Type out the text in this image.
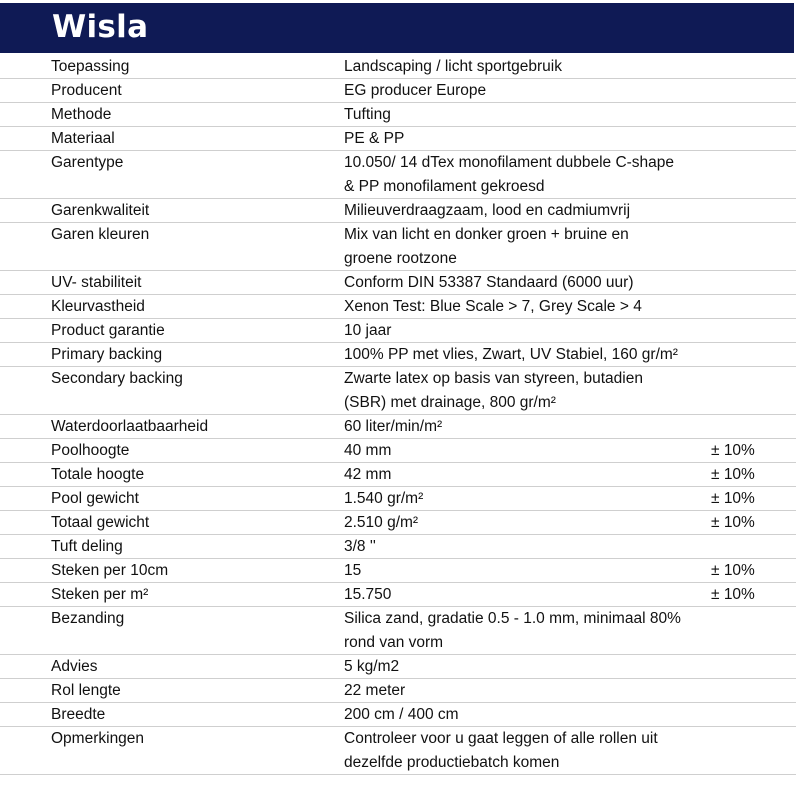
Wisla
Toepassing	Landscaping / licht sportgebruik
Producent	EG producer Europe
Methode	Tufting
Materiaal	PE & PP
Garentype	10.050/ 14 dTex monofilament dubbele C-shape
& PP monofilament gekroesd
Garenkwaliteit	Milieuverdraagzaam, lood en cadmiumvrij
Garen kleuren	Mix van licht en donker groen + bruine en
groene rootzone
UV- stabiliteit	Conform DIN 53387 Standaard (6000 uur)
Kleurvastheid	Xenon Test: Blue Scale > 7, Grey Scale > 4
Product garantie	10 jaar
Primary backing	100% PP met vlies, Zwart, UV Stabiel, 160 gr/m²
Secondary backing	Zwarte latex op basis van styreen, butadien
(SBR) met drainage, 800 gr/m²
Waterdoorlaatbaarheid	60 liter/min/m²
Poolhoogte	40 mm	± 10%
Totale hoogte	42 mm	± 10%
Pool gewicht	1.540 gr/m²	± 10%
Totaal gewicht	2.510 g/m²	± 10%
Tuft deling	3/8 ''
Steken per 10cm	15	± 10%
Steken per m²	15.750	± 10%
Bezanding	Silica zand, gradatie 0.5 - 1.0 mm, minimaal 80%
rond van vorm
Advies	5 kg/m2
Rol lengte	22 meter
Breedte	200 cm / 400 cm
Opmerkingen	Controleer voor u gaat leggen of alle rollen uit
dezelfde productiebatch komen
